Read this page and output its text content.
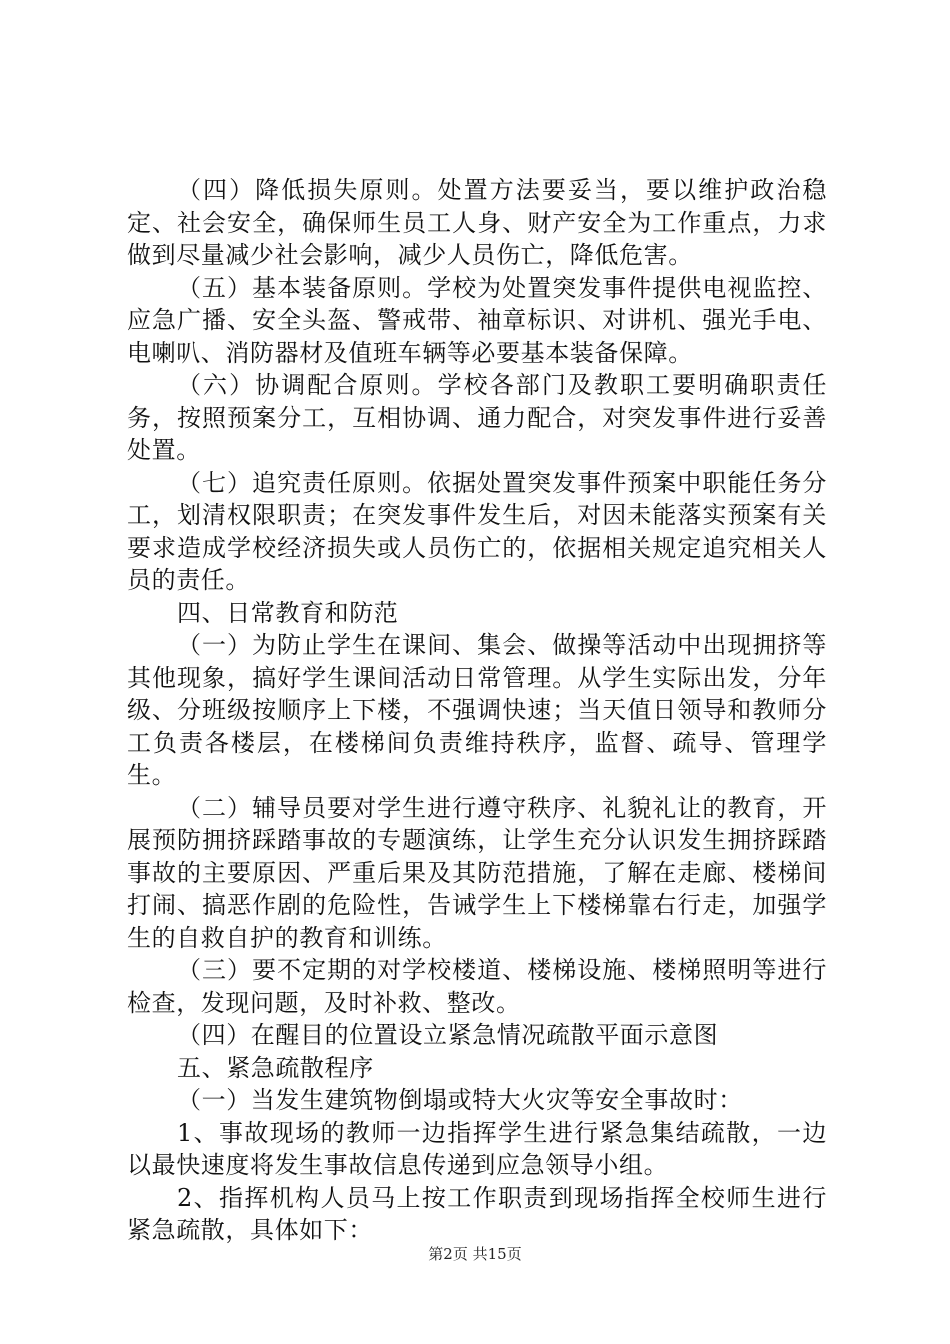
（四）降低损失原则。处置方法要妥当，要以维护政治稳定、社会安全，确保师生员工人身、财产安全为工作重点，力求做到尽量减少社会影响，减少人员伤亡，降低危害。

（五）基本装备原则。学校为处置突发事件提供电视监控、应急广播、安全头盔、警戒带、袖章标识、对讲机、强光手电、电喇叭、消防器材及值班车辆等必要基本装备保障。

（六）协调配合原则。学校各部门及教职工要明确职责任务，按照预案分工，互相协调、通力配合，对突发事件进行妥善处置。

（七）追究责任原则。依据处置突发事件预案中职能任务分工，划清权限职责；在突发事件发生后，对因未能落实预案有关要求造成学校经济损失或人员伤亡的，依据相关规定追究相关人员的责任。

四、日常教育和防范

（一）为防止学生在课间、集会、做操等活动中出现拥挤等其他现象，搞好学生课间活动日常管理。从学生实际出发，分年级、分班级按顺序上下楼，不强调快速；当天值日领导和教师分工负责各楼层，在楼梯间负责维持秩序，监督、疏导、管理学生。

（二）辅导员要对学生进行遵守秩序、礼貌礼让的教育，开展预防拥挤踩踏事故的专题演练，让学生充分认识发生拥挤踩踏事故的主要原因、严重后果及其防范措施，了解在走廊、楼梯间打闹、搞恶作剧的危险性，告诫学生上下楼梯靠右行走，加强学生的自救自护的教育和训练。

（三）要不定期的对学校楼道、楼梯设施、楼梯照明等进行检查，发现问题，及时补救、整改。

（四）在醒目的位置设立紧急情况疏散平面示意图

五、紧急疏散程序

（一）当发生建筑物倒塌或特大火灾等安全事故时：

1、事故现场的教师一边指挥学生进行紧急集结疏散，一边以最快速度将发生事故信息传递到应急领导小组。

2、指挥机构人员马上按工作职责到现场指挥全校师生进行紧急疏散，具体如下：

第2页 共15页
